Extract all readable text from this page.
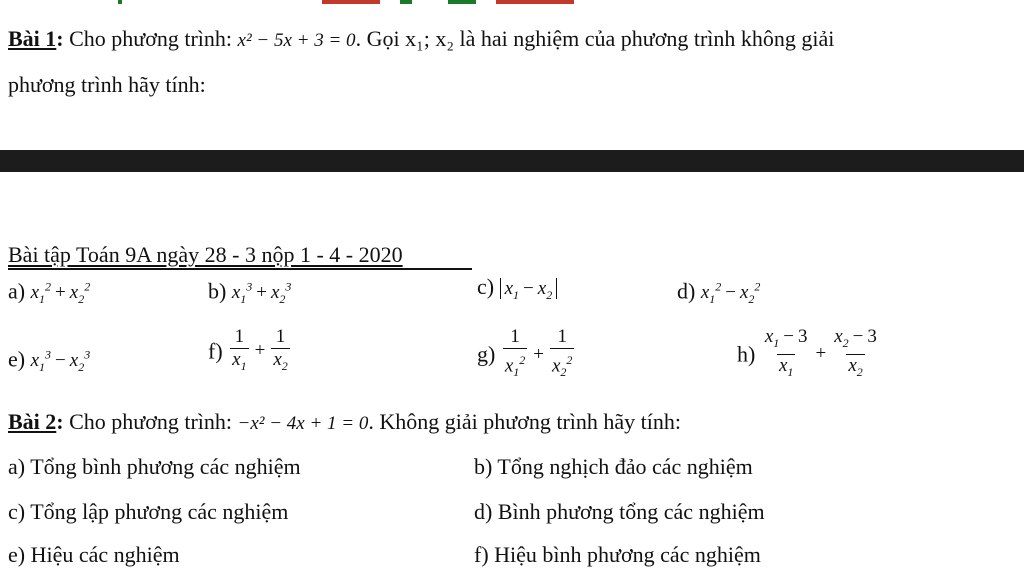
Bài 1: Cho phương trình: x² − 5x + 3 = 0. Gọi x₁; x₂ là hai nghiệm của phương trình không giải
phương trình hãy tính:
Bài tập Toán 9A ngày 28 - 3 nộp 1 - 4 - 2020
a) $x_1^2 + x_2^2$	b) $x_1^3 + x_2^3$	c) $x_1 - x_2$	d) $x_1^2 - x_2^2$
e) $x_1^3 - x_2^3$	$f) \frac{1}{x_1} + \frac{1}{x_2}$	$g) \frac{1}{x_1^2} + \frac{1}{x_2^2}$	$h) \frac{x_1 - 3}{x_1} + \frac{x_2 - 3}{x_2}$
Bài 2: Cho phương trình: −x² − 4x + 1 = 0. Không giải phương trình hãy tính:
a) Tổng bình phương các nghiệm	b) Tổng nghịch đảo các nghiệm
c) Tổng lập phương các nghiệm	d) Bình phương tổng các nghiệm
e) Hiệu các nghiệm	f) Hiệu bình phương các nghiệm
